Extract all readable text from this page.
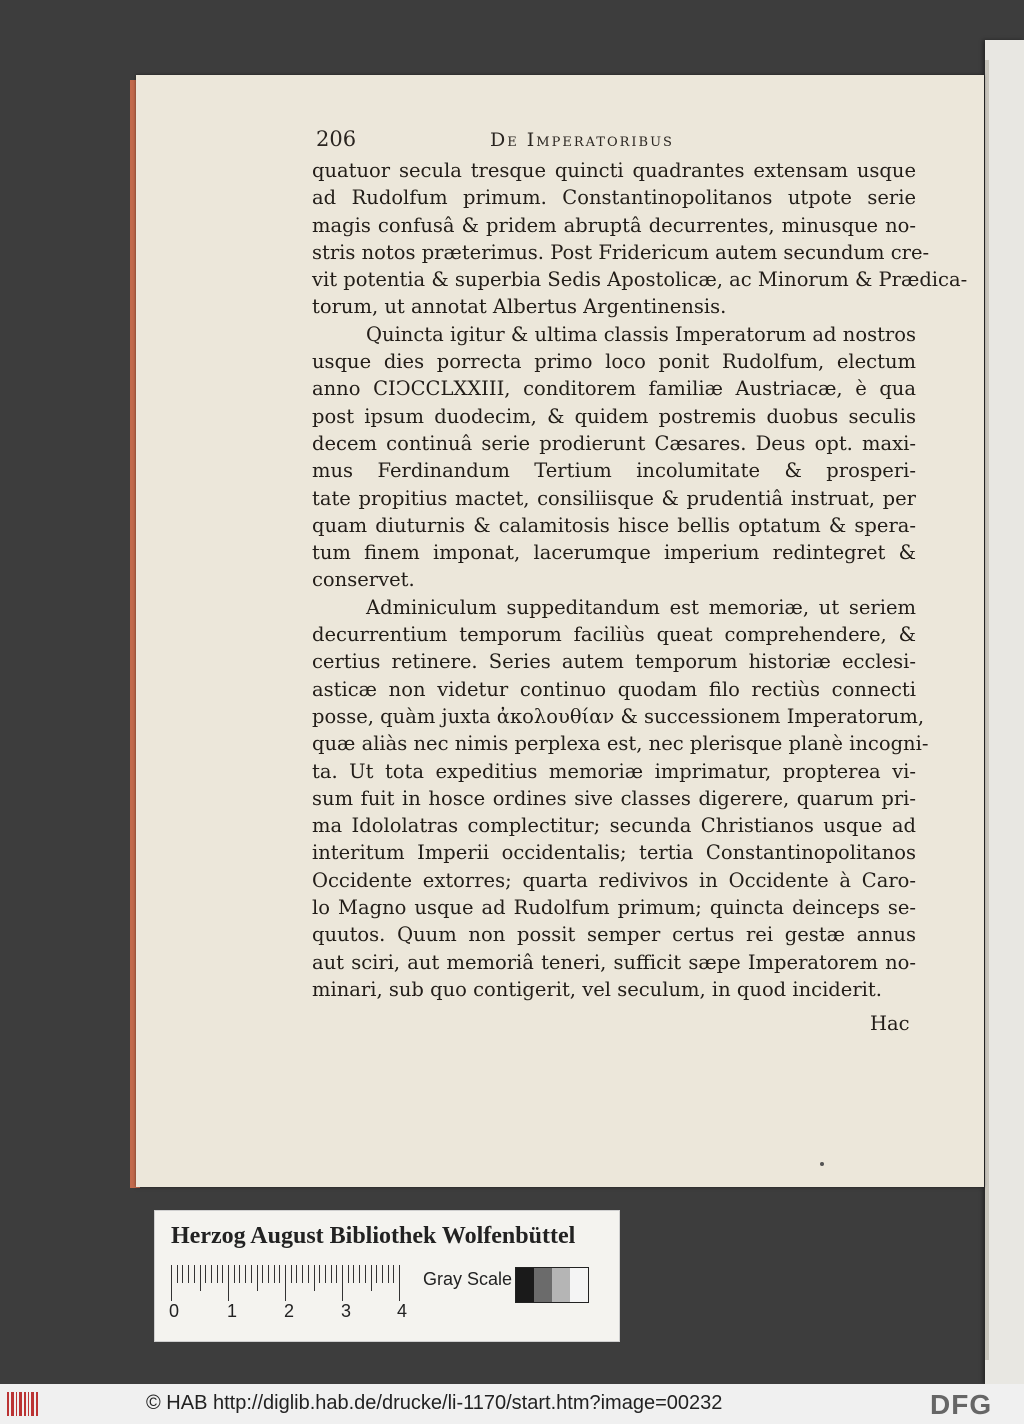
206	De Imperatoribus
quatuor secula tresque quincti quadrantes extensam usque
ad Rudolfum primum. Constantinopolitanos utpote serie
magis confusâ & pridem abruptâ decurrentes, minusque no-
stris notos præterimus. Post Fridericum autem secundum cre-
vit potentia & superbia Sedis Apostolicæ, ac Minorum & Prædica-
torum, ut annotat Albertus Argentinensis.
Quincta igitur & ultima classis Imperatorum ad nostros
usque dies porrecta primo loco ponit Rudolfum, electum
anno CIↃCCLXXIII, conditorem familiæ Austriacæ, è qua
post ipsum duodecim, & quidem postremis duobus seculis
decem continuâ serie prodierunt Cæsares. Deus opt. maxi-
mus Ferdinandum Tertium incolumitate & prosperi-
tate propitius mactet, consiliisque & prudentiâ instruat, per
quam diuturnis & calamitosis hisce bellis optatum & spera-
tum finem imponat, lacerumque imperium redintegret &
conservet.
Adminiculum suppeditandum est memoriæ, ut seriem
decurrentium temporum faciliùs queat comprehendere, &
certius retinere. Series autem temporum historiæ ecclesi-
asticæ non videtur continuo quodam filo rectiùs connecti
posse, quàm juxta ἀκολουθίαν & successionem Imperatorum,
quæ aliàs nec nimis perplexa est, nec plerisque planè incogni-
ta. Ut tota expeditius memoriæ imprimatur, propterea vi-
sum fuit in hosce ordines sive classes digerere, quarum pri-
ma Idololatras complectitur; secunda Christianos usque ad
interitum Imperii occidentalis; tertia Constantinopolitanos
Occidente extorres; quarta redivivos in Occidente à Caro-
lo Magno usque ad Rudolfum primum; quincta deinceps se-
quutos. Quum non possit semper certus rei gestæ annus
aut sciri, aut memoriâ teneri, sufficit sæpe Imperatorem no-
minari, sub quo contigerit, vel seculum, in quod inciderit.
Hac
Herzog August Bibliothek Wolfenbüttel
0	1	2	3	4
Gray Scale
© HAB http://diglib.hab.de/drucke/li-1170/start.htm?image=00232	DFG
